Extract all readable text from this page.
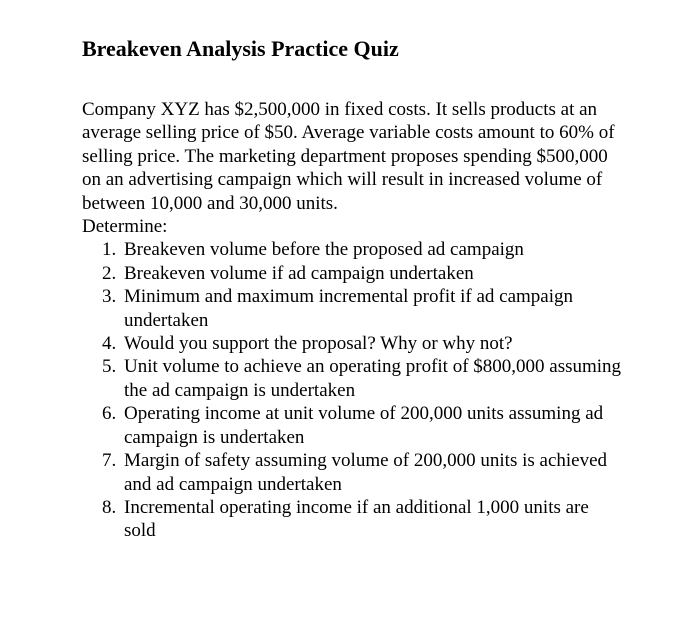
Breakeven Analysis Practice Quiz

Company XYZ has $2,500,000 in fixed costs. It sells products at an average selling price of $50. Average variable costs amount to 60% of selling price. The marketing department proposes spending $500,000 on an advertising campaign which will result in increased volume of between 10,000 and 30,000 units.

Determine:

1. Breakeven volume before the proposed ad campaign
2. Breakeven volume if ad campaign undertaken
3. Minimum and maximum incremental profit if ad campaign undertaken
4. Would you support the proposal? Why or why not?
5. Unit volume to achieve an operating profit of $800,000 assuming the ad campaign is undertaken
6. Operating income at unit volume of 200,000 units assuming ad campaign is undertaken
7. Margin of safety assuming volume of 200,000 units is achieved and ad campaign undertaken
8. Incremental operating income if an additional 1,000 units are sold
